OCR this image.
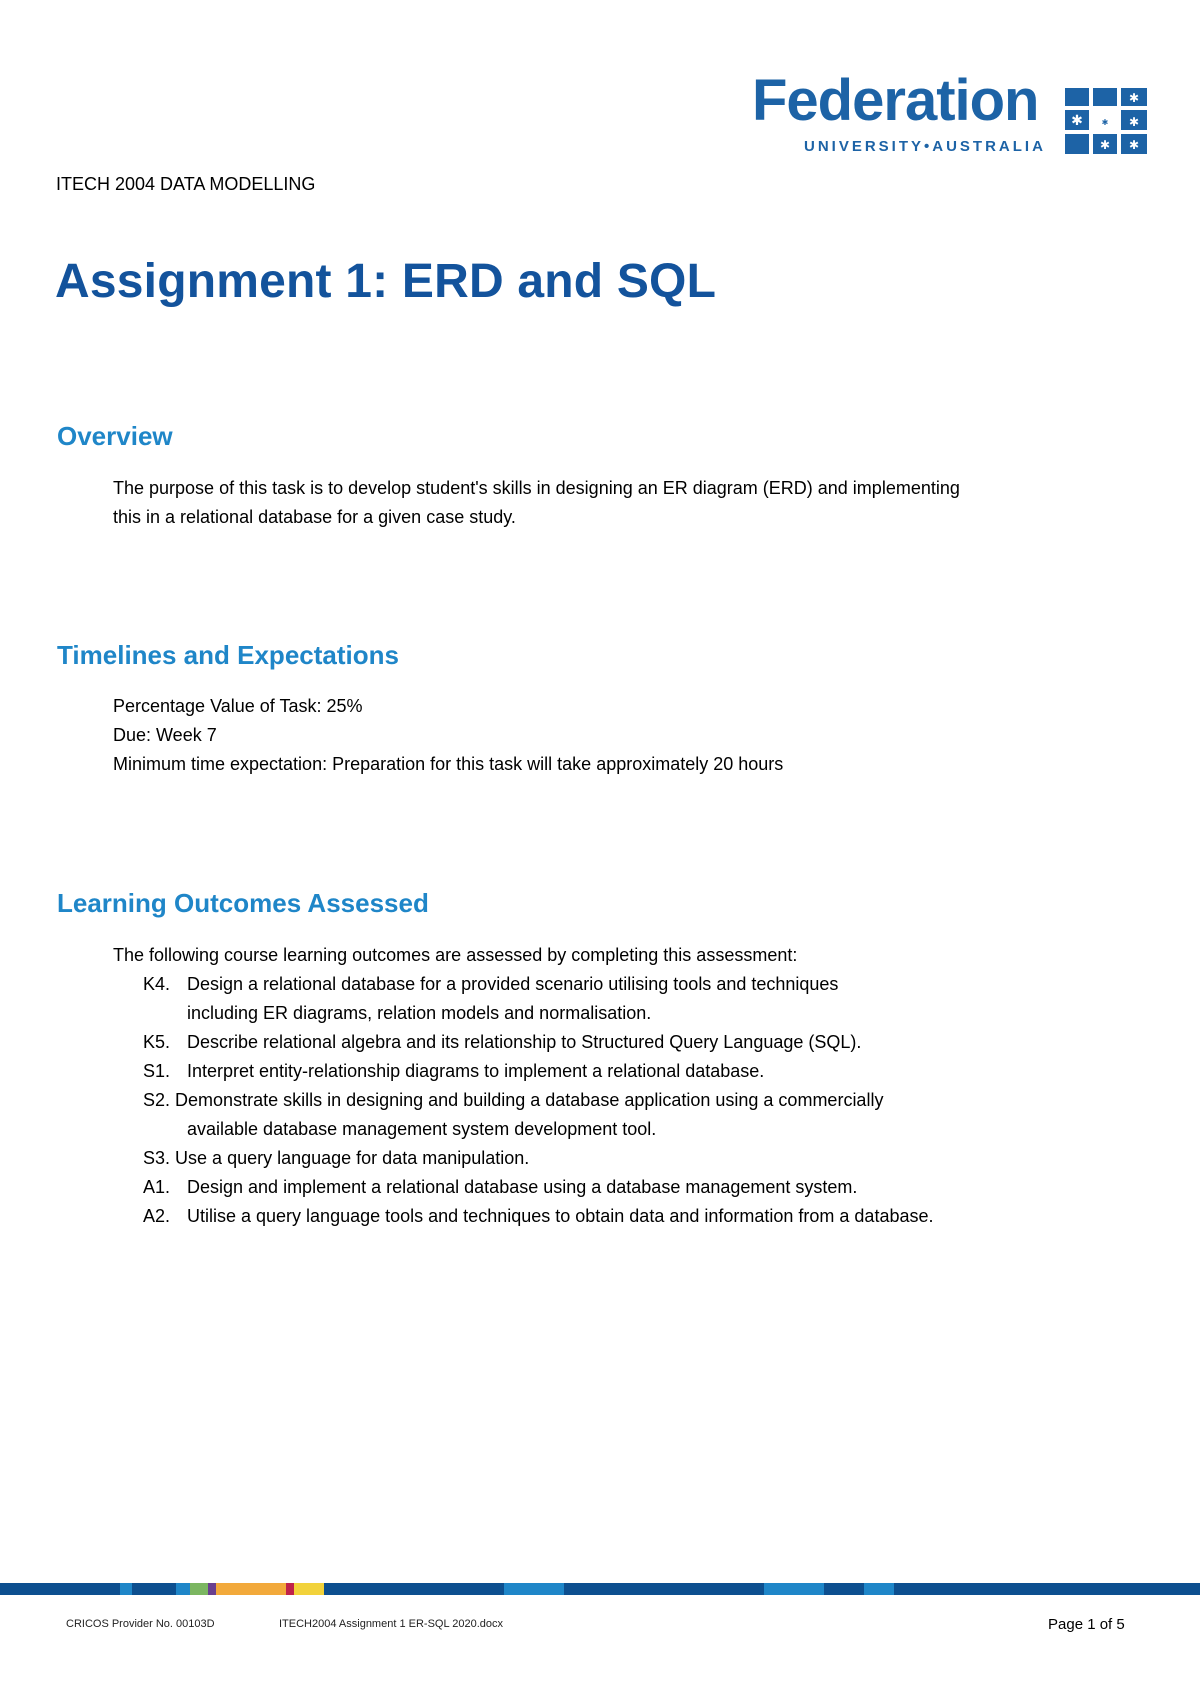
Federation
UNIVERSITY•AUSTRALIA
✱
✱
✱
✱ ✱
✱
ITECH 2004 DATA MODELLING
Assignment 1: ERD and SQL
Overview

The purpose of this task is to develop student's skills in designing an ER diagram (ERD) and implementing this in a relational database for a given case study.

Timelines and Expectations
Percentage Value of Task: 25%
Due: Week 7
Minimum time expectation: Preparation for this task will take approximately 20 hours
Learning Outcomes Assessed

The following course learning outcomes are assessed by completing this assessment:

K4. Design a relational database for a provided scenario utilising tools and techniques including ER diagrams, relation models and normalisation.
K5. Describe relational algebra and its relationship to Structured Query Language (SQL).
S1. Interpret entity-relationship diagrams to implement a relational database.
S2. Demonstrate skills in designing and building a database application using a commercially
available database management system development tool.
S3. Use a query language for data manipulation.
A1. Design and implement a relational database using a database management system.
A2. Utilise a query language tools and techniques to obtain data and information from a database.
CRICOS Provider No. 00103D	ITECH2004 Assignment 1 ER-SQL 2020.docx	Page 1 of 5
